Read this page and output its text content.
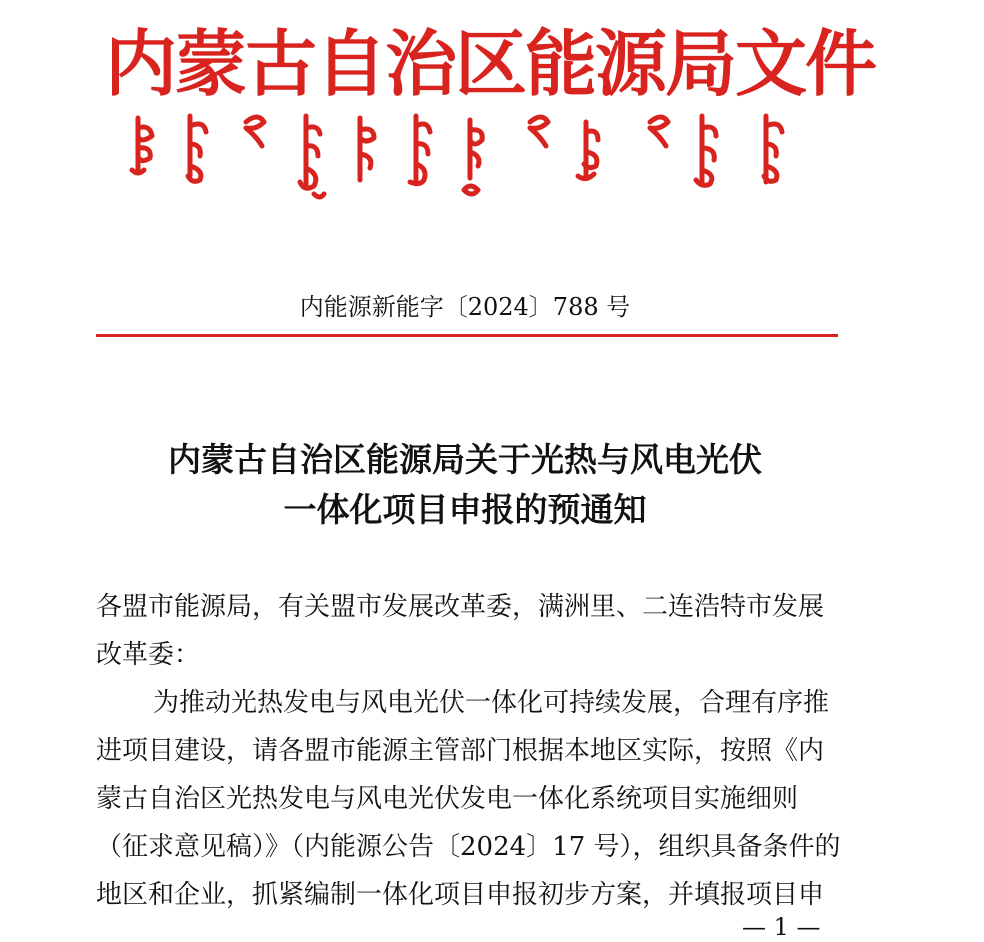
内蒙古自治区能源局文件
内能源新能字〔2024〕788 号
内蒙古自治区能源局关于光热与风电光伏
一体化项目申报的预通知
各盟市能源局，有关盟市发展改革委，满洲里、二连浩特市发展
改革委：
为推动光热发电与风电光伏一体化可持续发展，合理有序推
进项目建设，请各盟市能源主管部门根据本地区实际，按照《内
蒙古自治区光热发电与风电光伏发电一体化系统项目实施细则
（征求意见稿）》（内能源公告〔2024〕17 号），组织具备条件的
地区和企业，抓紧编制一体化项目申报初步方案，并填报项目申
— 1 —
